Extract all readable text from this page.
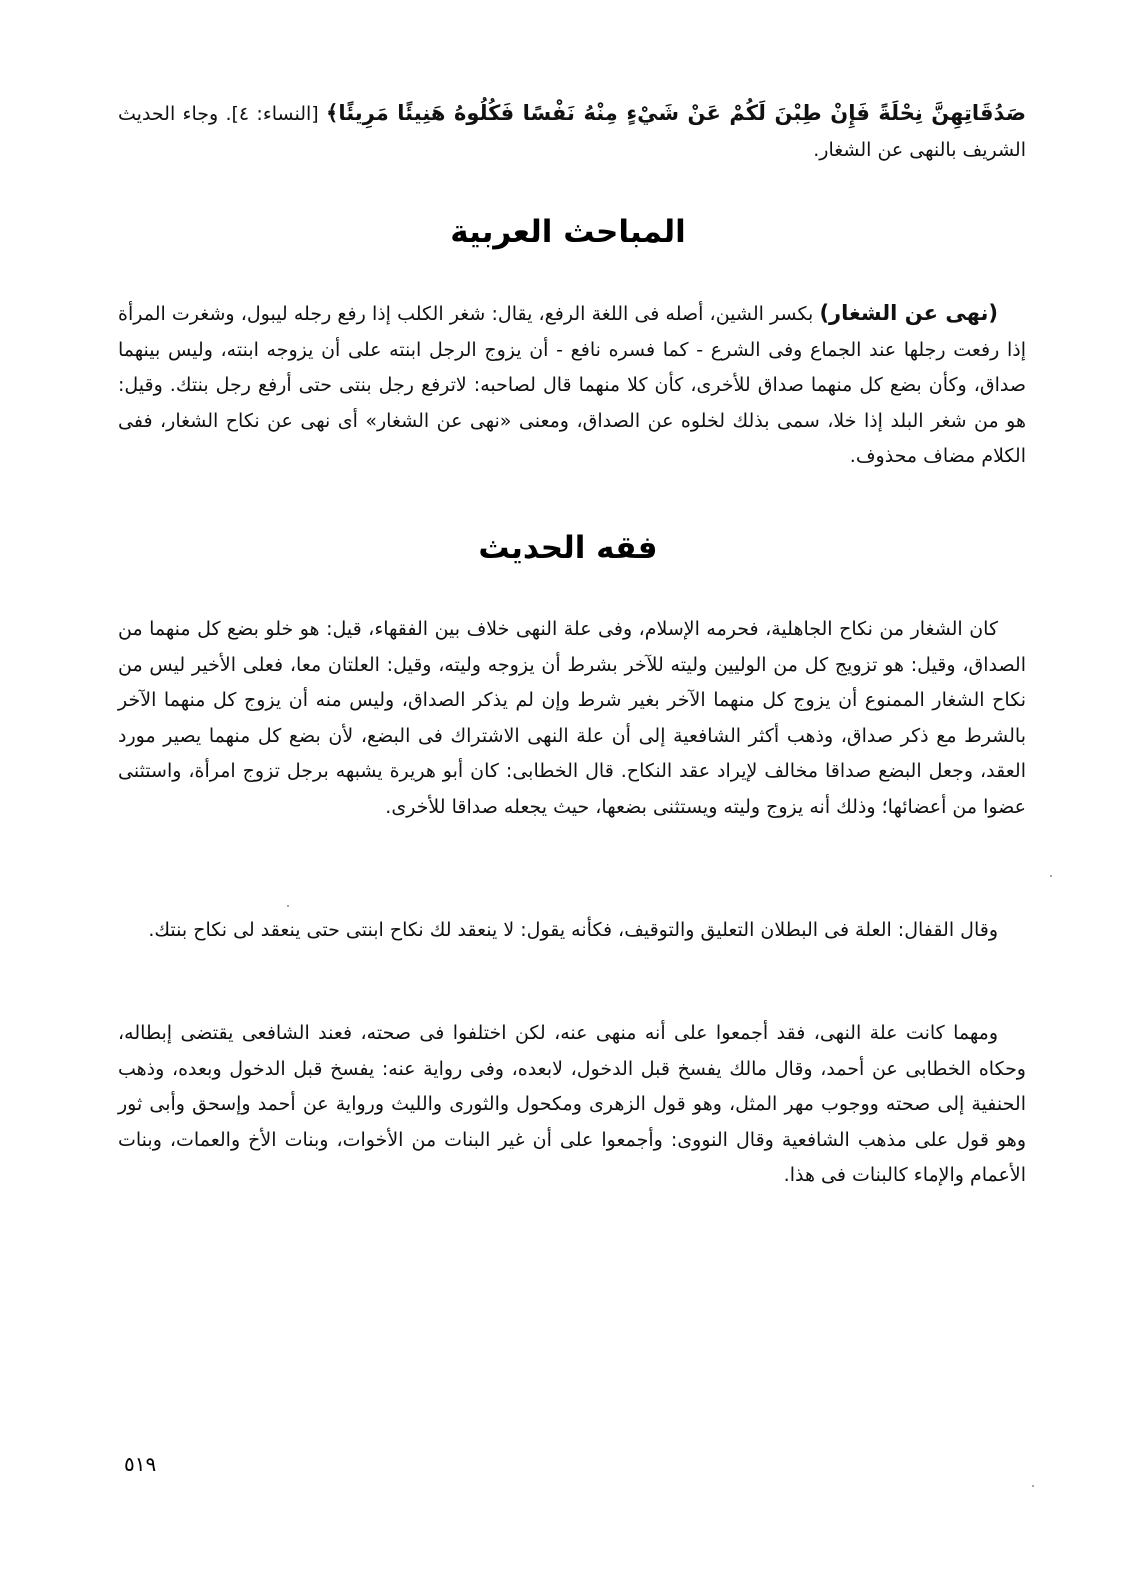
صَدُقَاتِهِنَّ نِحْلَةً فَإِنْ طِبْنَ لَكُمْ عَنْ شَيْءٍ مِنْهُ نَفْسًا فَكُلُوهُ هَنِيئًا مَرِيئًا﴾ [النساء: ٤]. وجاء الحديث الشريف بالنهى عن الشغار.
المباحث العربية
(نهى عن الشغار) بكسر الشين، أصله فى اللغة الرفع، يقال: شغر الكلب إذا رفع رجله ليبول، وشغرت المرأة إذا رفعت رجلها عند الجماع وفى الشرع - كما فسره نافع - أن يزوج الرجل ابنته على أن يزوجه ابنته، وليس بينهما صداق، وكأن بضع كل منهما صداق للأخرى، كأن كلا منهما قال لصاحبه: لاترفع رجل بنتى حتى أرفع رجل بنتك. وقيل: هو من شغر البلد إذا خلا، سمى بذلك لخلوه عن الصداق، ومعنى «نهى عن الشغار» أى نهى عن نكاح الشغار، ففى الكلام مضاف محذوف.
فقه الحديث
كان الشغار من نكاح الجاهلية، فحرمه الإسلام، وفى علة النهى خلاف بين الفقهاء، قيل: هو خلو بضع كل منهما من الصداق، وقيل: هو تزويج كل من الوليين وليته للآخر بشرط أن يزوجه وليته، وقيل: العلتان معا، فعلى الأخير ليس من نكاح الشغار الممنوع أن يزوج كل منهما الآخر بغير شرط وإن لم يذكر الصداق، وليس منه أن يزوج كل منهما الآخر بالشرط مع ذكر صداق، وذهب أكثر الشافعية إلى أن علة النهى الاشتراك فى البضع، لأن بضع كل منهما يصير مورد العقد، وجعل البضع صداقا مخالف لإيراد عقد النكاح. قال الخطابى: كان أبو هريرة يشبهه برجل تزوج امرأة، واستثنى عضوا من أعضائها؛ وذلك أنه يزوج وليته ويستثنى بضعها، حيث يجعله صداقا للأخرى.
وقال القفال: العلة فى البطلان التعليق والتوقيف، فكأنه يقول: لا ينعقد لك نكاح ابنتى حتى ينعقد لى نكاح بنتك.
ومهما كانت علة النهى، فقد أجمعوا على أنه منهى عنه، لكن اختلفوا فى صحته، فعند الشافعى يقتضى إبطاله، وحكاه الخطابى عن أحمد، وقال مالك يفسخ قبل الدخول، لابعده، وفى رواية عنه: يفسخ قبل الدخول وبعده، وذهب الحنفية إلى صحته ووجوب مهر المثل، وهو قول الزهرى ومكحول والثورى والليث ورواية عن أحمد وإسحق وأبى ثور وهو قول على مذهب الشافعية وقال النووى: وأجمعوا على أن غير البنات من الأخوات، وبنات الأخ والعمات، وبنات الأعمام والإماء كالبنات فى هذا.
٥١٩
